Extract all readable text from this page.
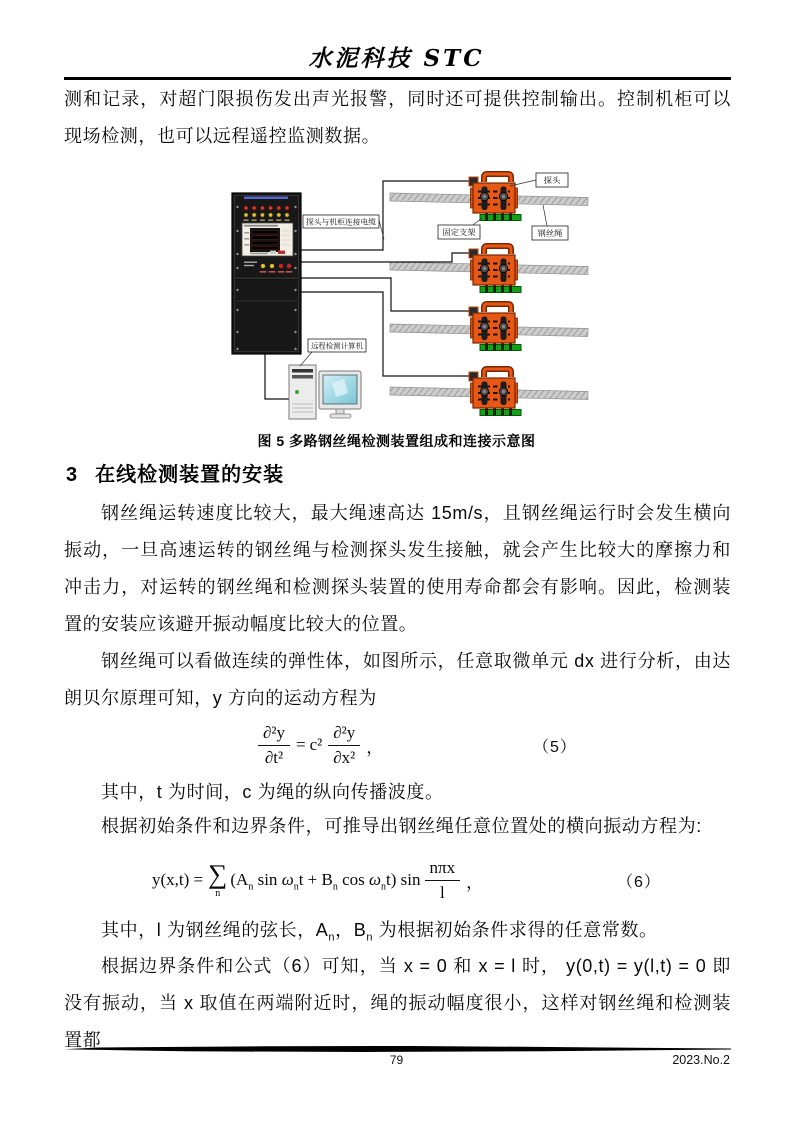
水泥科技 STC
测和记录，对超门限损伤发出声光报警，同时还可提供控制输出。控制机柜可以现场检测，也可以远程遥控监测数据。
探头与机柜连接电缆
探头
固定支架	钢丝绳
远程检测计算机
图 5 多路钢丝绳检测装置组成和连接示意图
3 在线检测装置的安装
钢丝绳运转速度比较大，最大绳速高达 15m/s，且钢丝绳运行时会发生横向振动，一旦高速运转的钢丝绳与检测探头发生接触，就会产生比较大的摩擦力和冲击力，对运转的钢丝绳和检测探头装置的使用寿命都会有影响。因此，检测装置的安装应该避开振动幅度比较大的位置。
钢丝绳可以看做连续的弹性体，如图所示，任意取微单元 dx 进行分析，由达朗贝尔原理可知，y 方向的运动方程为
$\frac{\text{∂²y}}{\text{∂t²}} = c^2 \frac{\text{∂²y}}{\text{∂x²}}$ ，	（5）
其中，t 为时间，c 为绳的纵向传播波度。
根据初始条件和边界条件，可推导出钢丝绳任意位置处的横向振动方程为:
y(x,t) = ∑
n
($A_n$ $\sin \omega_nt + B_n$ $\cos \omega_nt$) $\sin \frac{\text{nπx}}{l}$ ，	（6）
其中，l 为钢丝绳的弦长，$A_n$，$B_n$ 为根据初始条件求得的任意常数。
根据边界条件和公式（6）可知，当 x = 0 和 x = l 时， y(0,t) = y(l,t) = 0 即没有振动，当 x 取值在两端附近时，绳的振动幅度很小，这样对钢丝绳和检测装置都
79	2023.No.2
